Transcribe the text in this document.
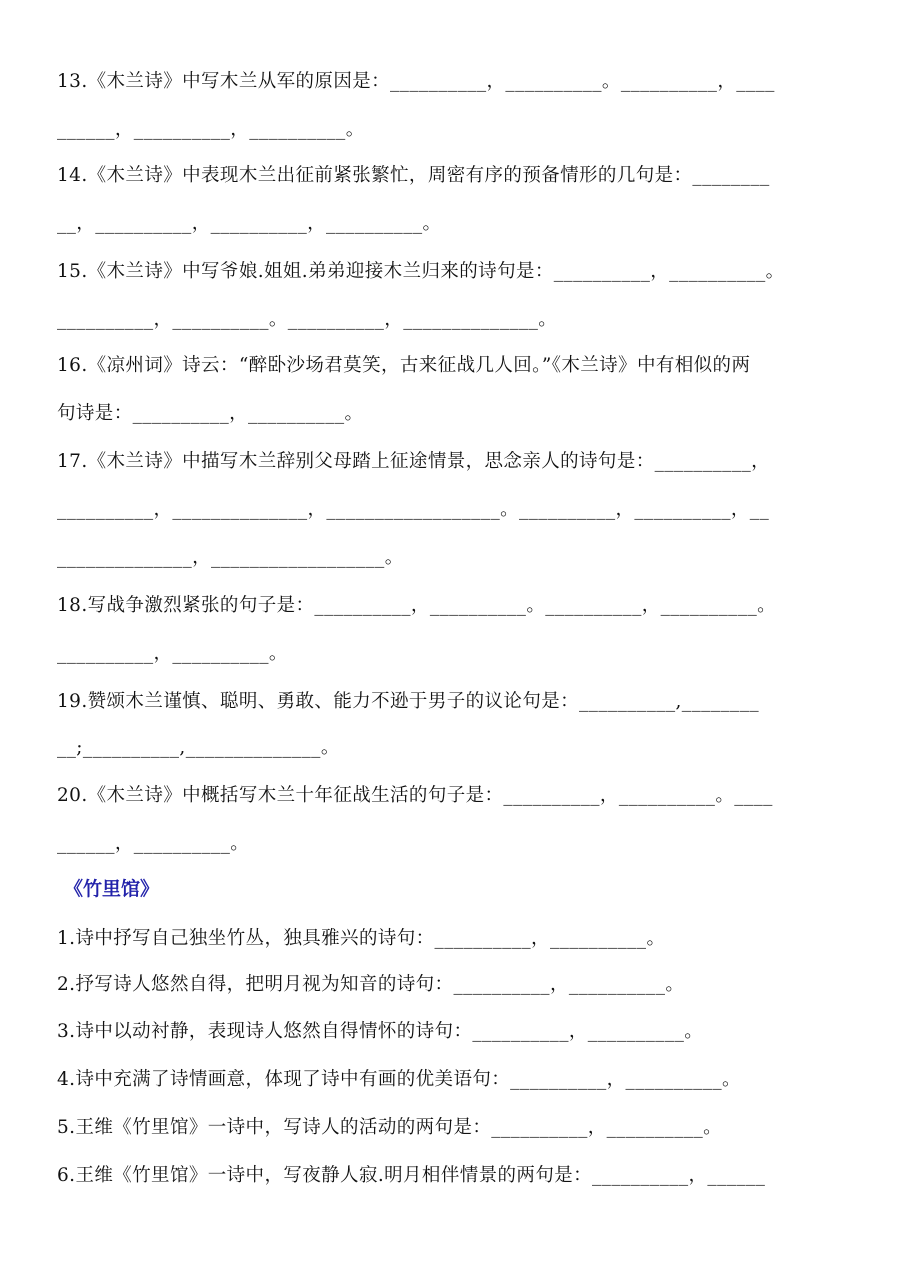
13.《木兰诗》中写木兰从军的原因是：__________，__________。__________，____
______，__________，__________。
14.《木兰诗》中表现木兰出征前紧张繁忙，周密有序的预备情形的几句是：________
__，__________，__________，__________。
15.《木兰诗》中写爷娘.姐姐.弟弟迎接木兰归来的诗句是：__________，__________。
__________，__________。__________，______________。
16.《凉州词》诗云：“醉卧沙场君莫笑，古来征战几人回。”《木兰诗》中有相似的两
句诗是：__________，__________。
17.《木兰诗》中描写木兰辞别父母踏上征途情景，思念亲人的诗句是：__________，
__________，______________，__________________。__________，__________，__
______________，__________________。
18.写战争激烈紧张的句子是：__________，__________。__________，__________。
__________，__________。
19.赞颂木兰谨慎、聪明、勇敢、能力不逊于男子的议论句是：__________,________
__;__________,______________。
20.《木兰诗》中概括写木兰十年征战生活的句子是：__________，__________。____
______，__________。
《竹里馆》
1.诗中抒写自己独坐竹丛，独具雅兴的诗句：__________，__________。
2.抒写诗人悠然自得，把明月视为知音的诗句：__________，__________。
3.诗中以动衬静，表现诗人悠然自得情怀的诗句：__________，__________。
4.诗中充满了诗情画意，体现了诗中有画的优美语句：__________，__________。
5.王维《竹里馆》一诗中，写诗人的活动的两句是：__________，__________。
6.王维《竹里馆》一诗中，写夜静人寂.明月相伴情景的两句是：__________，______
